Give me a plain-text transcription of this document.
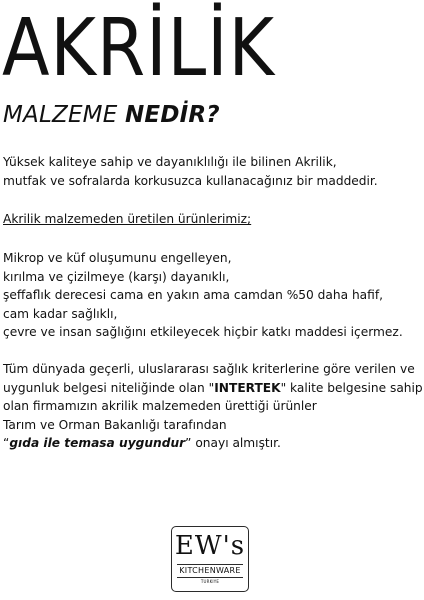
AKRİLİK
MALZEME NEDİR?
Yüksek kaliteye sahip ve dayanıklılığı ile bilinen Akrilik,
mutfak ve sofralarda korkusuzca kullanacağınız bir maddedir.
Akrilik malzemeden üretilen ürünlerimiz;
Mikrop ve küf oluşumunu engelleyen,
kırılma ve çizilmeye (karşı) dayanıklı,
şeffaflık derecesi cama en yakın ama camdan %50 daha hafif,
cam kadar sağlıklı,
çevre ve insan sağlığını etkileyecek hiçbir katkı maddesi içermez.
Tüm dünyada geçerli, uluslararası sağlık kriterlerine göre verilen ve
uygunluk belgesi niteliğinde olan "INTERTEK" kalite belgesine sahip
olan firmamızın akrilik malzemeden ürettiği ürünler
Tarım ve Orman Bakanlığı tarafından
“gıda ile temasa uygundur” onayı almıştır.
EW's
KITCHENWARE
TURKIYE
